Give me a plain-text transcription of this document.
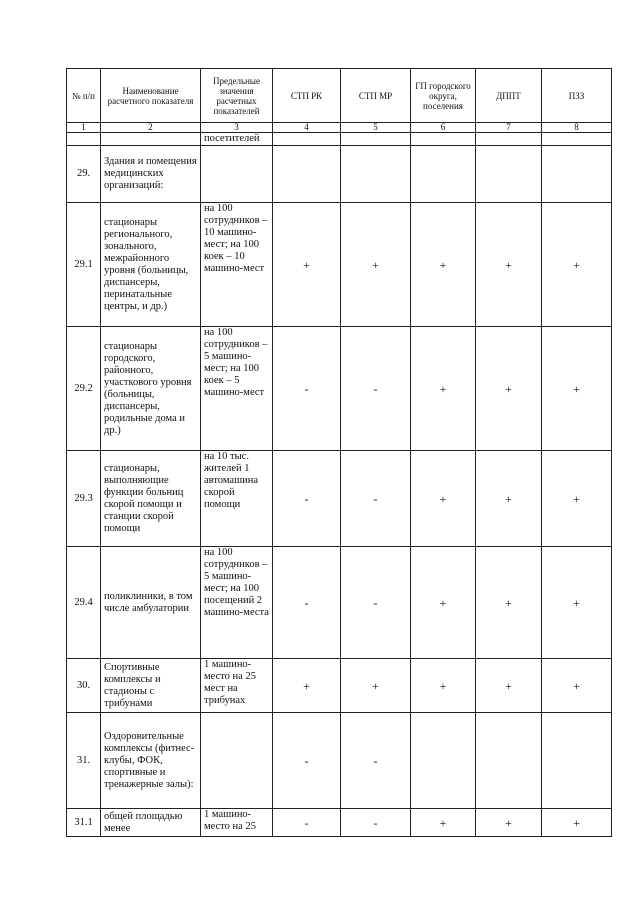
№ п/п	Наименование расчетного показателя	Предельные значения расчетных показателей	СТП РК	СТП МР	ГП городского округа, поселения	ДППТ	ПЗЗ
1	2	3	4	5	6	7	8
		посетителей					
29.	Здания и помещения медицинских организаций:						
29.1	стационары регионального, зонального, межрайонного уровня (больницы, диспансеры, перинатальные центры, и др.)	на 100 сотрудников – 10 машино-мест; на 100 коек – 10 машино-мест	+	+	+	+	+
29.2	стационары городского, районного, участкового уровня (больницы, диспансеры, родильные дома и др.)	на 100 сотрудников – 5 машино-мест; на 100 коек – 5 машино-мест	-	-	+	+	+
29.3	стационары, выполняющие функции больниц скорой помощи и станции скорой помощи	на 10 тыс. жителей 1 автомашина скорой помощи	-	-	+	+	+
29.4	поликлиники, в том числе амбулатории	на 100 сотрудников – 5 машино-мест; на 100 посещений 2 машино-места	-	-	+	+	+
30.	Спортивные комплексы и стадионы с трибунами	1 машино-место на 25 мест на трибунах	+	+	+	+	+
31.	Оздоровительные комплексы (фитнес-клубы, ФОК, спортивные и тренажерные залы):		-	-			
31.1	общей площадью менее	1 машино-место на 25	-	-	+	+	+
